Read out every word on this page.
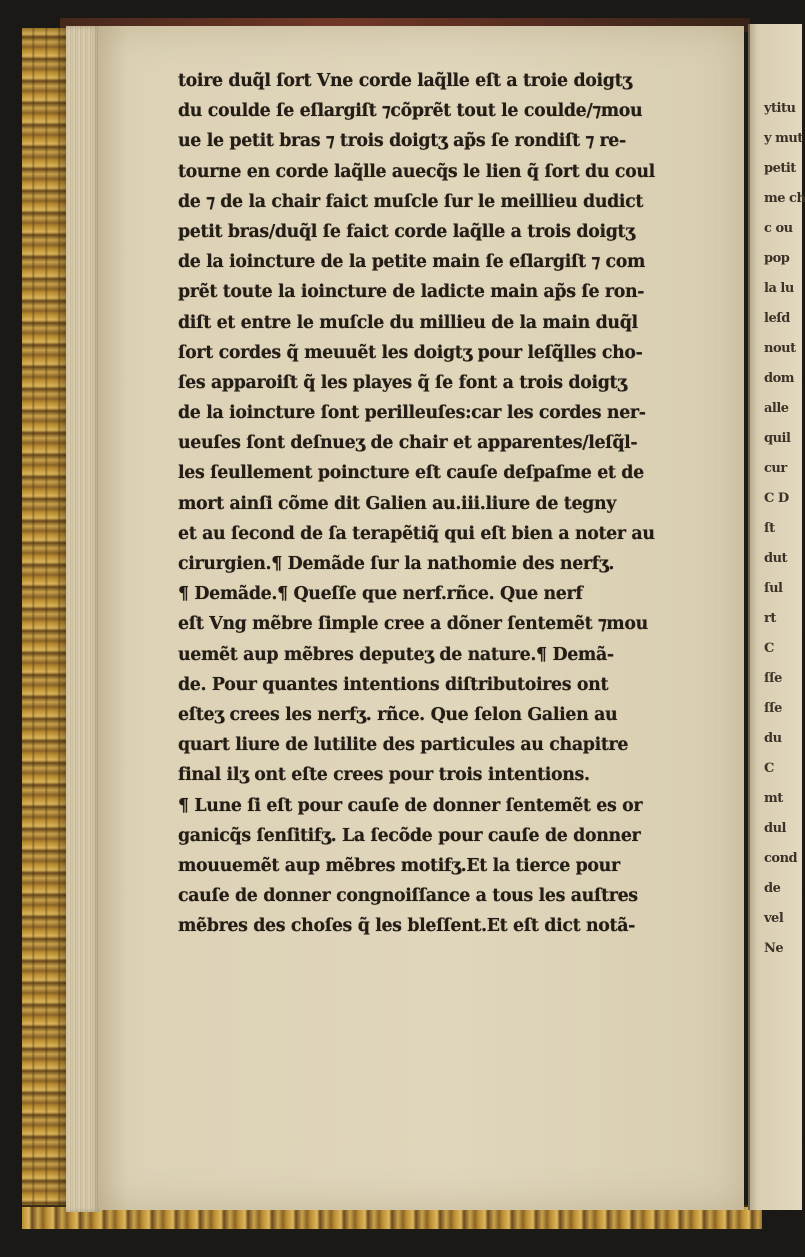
toire duq̃l ſort Vne corde laq̃lle eſt a troie doigtʒ
du coulde ſe eſlargiſt ⁊cõprẽt tout le coulde/⁊mou
ue le petit bras ⁊ trois doigtʒ ap̃s ſe rondiſt ⁊ re-
tourne en corde laq̃lle auecq̃s le lien q̃ ſort du coul
de ⁊ de la chair faict muſcle ſur le meillieu dudict
petit bras/duq̃l ſe faict corde laq̃lle a trois doigtʒ
de la ioincture de la petite main ſe eſlargiſt ⁊ com
prẽt toute la ioincture de ladicte main ap̃s ſe ron-
diſt et entre le muſcle du millieu de la main duq̃l
ſort cordes q̃ meuuẽt les doigtʒ pour leſq̃lles cho-
ſes apparoiſt q̃ les playes q̃ ſe font a trois doigtʒ
de la ioincture ſont perilleuſes:car les cordes ner-
ueuſes ſont deſnueʒ de chair et apparentes/leſq̃l-
les ſeullement poincture eſt cauſe deſpaſme et de
mort ainſi cõme dit Galien au.iii.liure de tegny
et au ſecond de ſa terapẽtiq̃ qui eſt bien a noter au
cirurgien.¶ Demãde ſur la nathomie des nerfʒ.
¶ Demãde.¶ Queſſe que nerf.rñce. Que nerf
eſt Vng mẽbre ſimple cree a dõner ſentemẽt ⁊mou
uemẽt aup mẽbres deputeʒ de nature.¶ Demã-
de. Pour quantes intentions diſtributoires ont
eſteʒ crees les nerfʒ. rñce. Que ſelon Galien au
quart liure de lutilite des particules au chapitre
final ilʒ ont eſte crees pour trois intentions.
¶ Lune ſi eſt pour cauſe de donner ſentemẽt es or
ganicq̃s ſenſitifʒ. La ſecõde pour cauſe de donner
mouuemẽt aup mẽbres motifʒ.Et la tierce pour
cauſe de donner congnoiſſance a tous les auſtres
mẽbres des choſes q̃ les bleſſent.Et eſt dict notã-
ytitu
y mut
petit
me ch
c ou
pop
la lu
leſd
nout
dom
alle
quil
cur
C D
ſt
dut
ſul
rt
C
ſſe
ſſe
du
C
mt
dul
cond
de
vel
Ne
